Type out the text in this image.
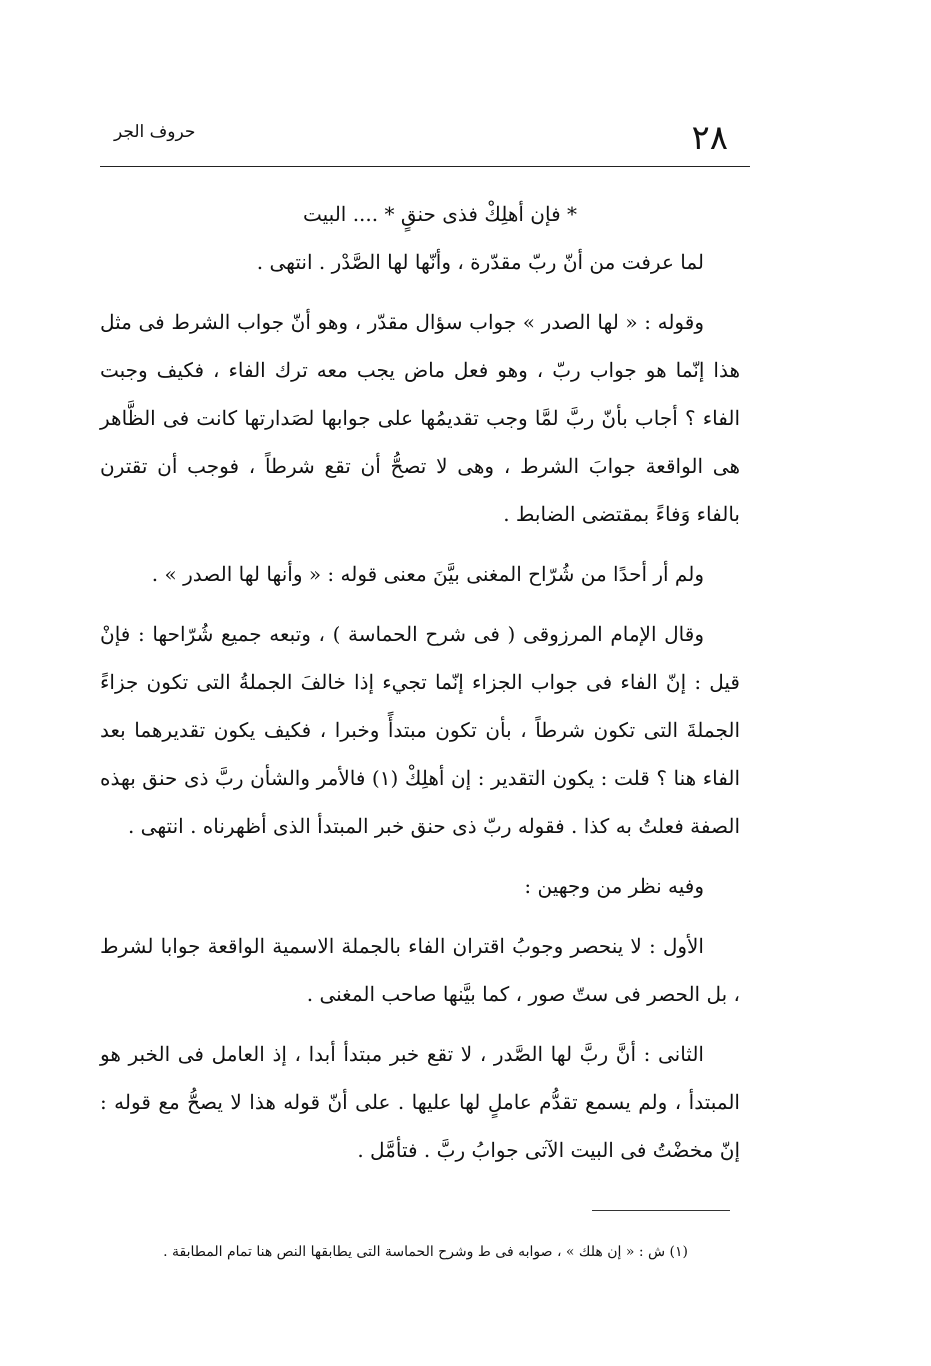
٢٨
حروف الجر

* فإن أهلِكْ فذى حنقٍ * .... البيت

لما عرفت من أنّ ربّ مقدّرة ، وأنّها لها الصَّدْر . انتهى .

وقوله : « لها الصدر » جواب سؤال مقدّر ، وهو أنّ جواب الشرط فى مثل هذا إنّما هو جواب ربّ ، وهو فعل ماض يجب معه ترك الفاء ، فكيف وجبت الفاء ؟ أجاب بأنّ ربَّ لمَّا وجب تقديمُها على جوابها لصَدارتها كانت فى الظَّاهر هى الواقعة جوابَ الشرط ، وهى لا تصحُّ أن تقع شرطاً ، فوجب أن تقترن بالفاء وَفاءً بمقتضى الضابط .

ولم أر أحدًا من شُرّاح المغنى بيَّنَ معنى قوله : « وأنها لها الصدر » .

وقال الإمام المرزوقى ( فى شرح الحماسة ) ، وتبعه جميع شُرّاحها : فإنْ قيل : إنّ الفاء فى جواب الجزاء إنّما تجيء إذا خالفَ الجملةُ التى تكون جزاءً الجملةَ التى تكون شرطاً ، بأن تكون مبتدأً وخبرا ، فكيف يكون تقديرهما بعد الفاء هنا ؟ قلت : يكون التقدير : إن أهلِكْ (١) فالأمر والشأن ربَّ ذى حنق بهذه الصفة فعلتُ به كذا . فقوله ربّ ذى حنق خبر المبتدأ الذى أظهرناه . انتهى .

وفيه نظر من وجهين :

الأول : لا ينحصر وجوبُ اقتران الفاء بالجملة الاسمية الواقعة جوابا لشرط ، بل الحصر فى ستّ صور ، كما بيَّنها صاحب المغنى .

الثانى : أنَّ ربَّ لها الصَّدر ، لا تقع خبر مبتدأ أبدا ، إذ العامل فى الخبر هو المبتدأ ، ولم يسمع تقدُّم عاملٍ لها عليها . على أنّ قوله هذا لا يصحُّ مع قوله : إنّ مخضْتُ فى البيت الآتى جوابُ ربَّ . فتأمَّل .

(١) ش : « إن هلك » ، صوابه فى ط وشرح الحماسة التى يطابقها النص هنا تمام المطابقة .
